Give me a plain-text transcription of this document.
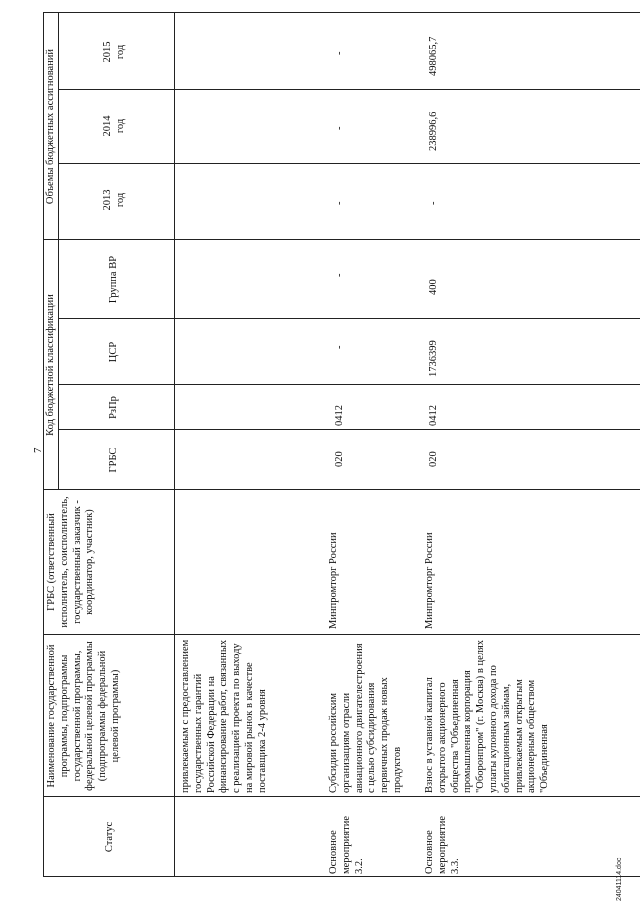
7
Статус
Наименование государственной программы, подпрограммы государственной программы, федеральной целевой программы (подпрограммы федеральной целевой программы)
ГРБС (ответственный исполнитель, соисполнитель, государственный заказчик - координатор, участник)
Код бюджетной классификации
ГРБС
РзПр
ЦСР
Группа ВР
Объемы бюджетных ассигнований	2013 год
2014 год
2015 год
привлекаемым с предоставлением государственных гарантий Российской Федерации на финансирование работ, связанных с реализацией проекта по выходу на мировой рынок в качестве поставщика 2-4 уровня
Основное мероприятие 3.2.
Субсидии российским организациям отрасли авиационного двигателестроения с целью субсидирования первичных продаж новых продуктов
Минпромторг России
020
0412
-
-
-
-
-
Основное мероприятие 3.3.
Взнос в уставной капитал открытого акционерного общества "Объединенная промышленная корпорация "Оборонпром" (г. Москва) в целях уплаты купонного дохода по облигационным займам, привлекаемым открытым акционерным обществом "Объединенная
Минпромторг России
020
0412
1736399
400
-
238996,6
498065,7
24041114.doc
